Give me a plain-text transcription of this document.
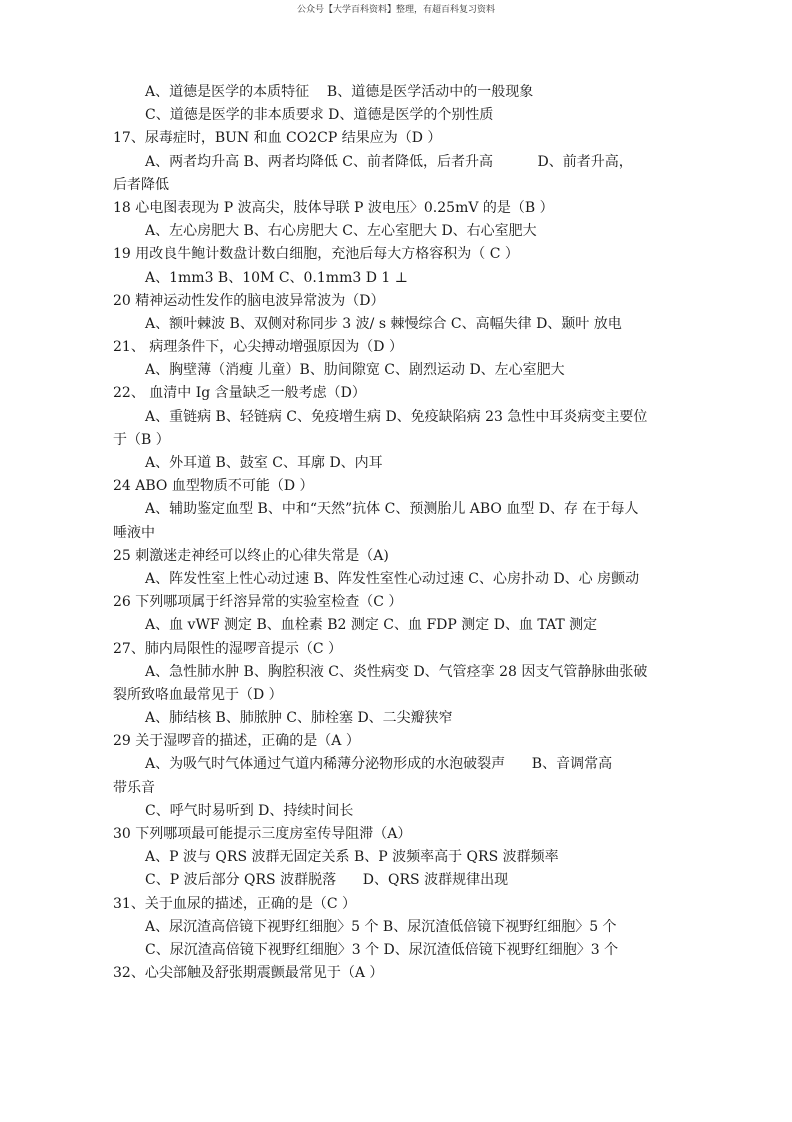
公众号【大学百科资料】整理，有超百科复习资料
A、道德是医学的本质特征    B、道德是医学活动中的一般现象
C、道德是医学的非本质要求 D、道德是医学的个别性质
17、尿毒症时，BUN 和血 CO2CP 结果应为（D ）
A、两者均升高 B、两者均降低 C、前者降低，后者升高          D、前者升高，
后者降低
18 心电图表现为 P 波高尖，肢体导联 P 波电压〉0.25mV 的是（B ）
A、左心房肥大 B、右心房肥大 C、左心室肥大 D、右心室肥大
19 用改良牛鲍计数盘计数白细胞，充池后每大方格容积为（ C ）
A、1mm3 B、10M C、0.1mm3 D 1 ⊥
20 精神运动性发作的脑电波异常波为（D）
A、额叶棘波 B、双侧对称同步 3 波/ s 棘慢综合 C、高幅失律 D、颞叶 放电
21、 病理条件下，心尖搏动增强原因为（D ）
A、胸壁薄（消瘦 儿童）B、肋间隙宽 C、剧烈运动 D、左心室肥大
22、 血清中 Ig 含量缺乏一般考虑（D）
A、重链病 B、轻链病 C、免疫增生病 D、免疫缺陷病 23 急性中耳炎病变主要位
于（B ）
A、外耳道 B、鼓室 C、耳廓 D、内耳
24 ABO 血型物质不可能（D ）
A、辅助鉴定血型 B、中和“天然”抗体 C、预测胎儿 ABO 血型 D、存 在于每人
唾液中
25 刺激迷走神经可以终止的心律失常是（A)
A、阵发性室上性心动过速 B、阵发性室性心动过速 C、心房扑动 D、心 房颤动
26 下列哪项属于纤溶异常的实验室检查（C ）
A、血 vWF 测定 B、血栓素 B2 测定 C、血 FDP 测定 D、血 TAT 测定
27、肺内局限性的湿啰音提示（C ）
A、急性肺水肿 B、胸腔积液 C、炎性病变 D、气管痉挛 28 因支气管静脉曲张破
裂所致咯血最常见于（D ）
A、肺结核 B、肺脓肿 C、肺栓塞 D、二尖瓣狭窄
29 关于湿啰音的描述，正确的是（A ）
A、为吸气时气体通过气道内稀薄分泌物形成的水泡破裂声      B、音调常高
带乐音
C、呼气时易听到 D、持续时间长
30 下列哪项最可能提示三度房室传导阻滞（A）
A、P 波与 QRS 波群无固定关系 B、P 波频率高于 QRS 波群频率
C、P 波后部分 QRS 波群脱落      D、QRS 波群规律出现
31、关于血尿的描述，正确的是（C ）
A、尿沉渣高倍镜下视野红细胞〉5 个 B、尿沉渣低倍镜下视野红细胞〉5 个
C、尿沉渣高倍镜下视野红细胞〉3 个 D、尿沉渣低倍镜下视野红细胞〉3 个
32、心尖部触及舒张期震颤最常见于（A ）
